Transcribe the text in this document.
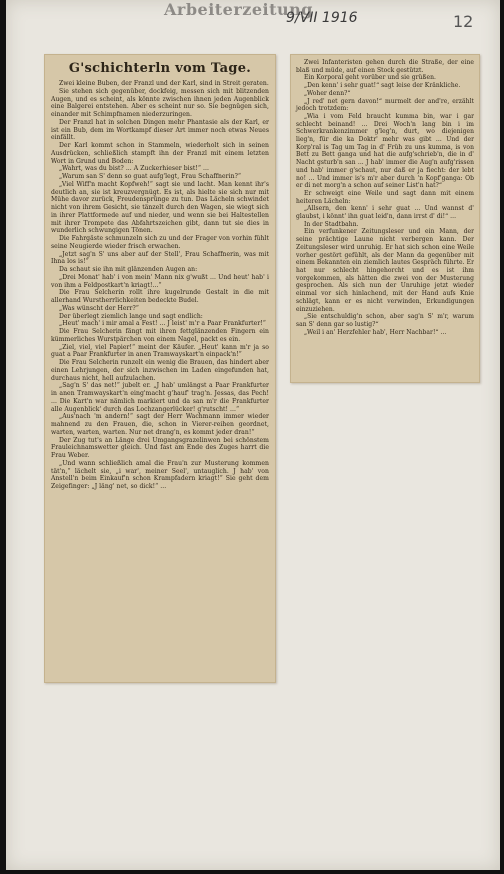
Arbeiterzeitung
9/VII 1916	12
G'schichterln vom Tage.

Zwei kleine Buben, der Franzl und der Karl, sind in Streit geraten.

Sie stehen sich gegenüber, dockfeig, messen sich mit blitzenden Augen, und es scheint, als könnte zwischen ihnen jeden Augenblick eine Balgerei entstehen. Aber es scheint nur so. Sie begnügen sich, einander mit Schimpfnamen niederzuringen.

Der Franzl hat in solchen Dingen mehr Phantasie als der Karl, er ist ein Bub, dem im Wortkampf dieser Art immer noch etwas Neues einfällt.

Der Karl kommt schon in Stammeln, wiederholt sich in seinen Ausdrücken, schließlich stampft ihn der Franzl mit einem letzten Wort in Grund und Boden:

„Wahrt, was du bist? ... A Zuckerhieser bist!“ ...

„Warum san S' denn so guat aufg'legt, Frau Schaffnerin?“

„Viel Wiff'n macht Kopfweh!“ sagt sie und lacht. Man kennt ihr's deutlich an, sie ist kreuzvergnügt. Es ist, als hielte sie sich nur mit Mühe davor zurück, Freudensprünge zu tun. Das Lächeln schwindet nicht von ihrem Gesicht, sie tänzelt durch den Wagen, sie wiegt sich in ihrer Plattformede auf und nieder, und wenn sie bei Haltestellen mit ihrer Trompete das Abfahrtszeichen gibt, dann tut sie dies in wunderlich schwungigen Tönen.

Die Fahrgäste schmunzeln sich zu und der Frager von vorhin fühlt seine Neugierde wieder frisch erwachen.

„Jetzt sag'n S' uns aber auf der Stell', Frau Schaffnerin, was mit Ihna los is!“

Da schaut sie ihn mit glänzenden Augen an:

„Drei Monat' hab' i von mein' Mann nix g'wußt ... Und heut' hab' i von ihm a Feldpostkart'n kriagt!...“

Die Frau Selcherin rollt ihre kugelrunde Gestalt in die mit allerhand Wurstherrlichkeiten bedeckte Budel.

„Was wünscht der Herr?“

Der überlegt ziemlich lange und sagt endlich:

„Heut' mach' i mir amal a Fest! ... J leist' m'r a Paar Frankfurter!“

Die Frau Selcherin fängt mit ihren fettglänzenden Fingern ein kümmerliches Wurstpärchen von einem Nagel, packt es ein.

„Ziel, viel, viel Papier!“ meint der Käufer. „Heut' kann m'r ja so guat a Paar Frankfurter in anen Tramwayskart'n einpack'n!“

Die Frau Selcherin runzelt ein wenig die Brauen, das hindert aber einen Lehrjungen, der sich inzwischen im Laden eingefunden hat, durchaus nicht, hell aufzulachen.

„Sag'n S' das net!“ jubelt er. „J hab' umlängst a Paar Frankfurter in anen Tramwayskart'n eing'macht g'hauf' trag'n. Jessas, das Pech! ... Die Kart'n war nämlich markiert und da san m'r die Frankfurter alle Augenblick' durch das Lochzangerlücker! g'rutscht! ...“

„Aus'nach 'm andern!“ sagt der Herr Wachmann immer wieder mahnend zu den Frauen, die, schon in Vierer-reihen geordnet, warten, warten, warten. Nur net drang'n, es kommt jeder dran!“

Der Zug tut's an Länge drei Umgangsgrazelinwen bei schönstem Frauleichnamswetter gleich. Und fast am Ende des Zuges harrt die Frau Weber.

„Und wann schließlich amal die Frau'n zur Musterung kommen tät'n,“ lächelt sie, „i war', meiner Seel', untauglich. J hab' von Anstell'n beim Einkauf'n schon Krampfadern kriagt!“ Sie geht dem Zeigefinger: „J läng' net, so dick!“ ...

Zwei Infanteristen gehen durch die Straße, der eine blaß und müde, auf einen Stock gestützt.

Ein Korporal geht vorüber und sie grüßen.

„Den kenn' i sehr guat!“ sagt leise der Kränkliche.

„Woher denn?“

„J red' net gern davon!“ murmelt der and're, erzählt jedoch trotzdem:

„Wia i vom Feld braucht kumma bin, war i gar schlecht beinand! ... Drei Woch'n lang bin i im Schwerkrankenzimmer g'leg'n, durt, wo diejenigen lieg'n, für die ka Doktr' mehr was gibt ... Und der Korp'ral is Tag um Tag in d' Früh zu uns kumma, is von Bett zu Bett ganga und hat die aufg'schrieb'n, die in d' Nacht gsturb'n san ... J hab' immer die Aug'n aufg'rissen und hab' immer g'schaut, nur daß er ja fiecht: der lebt no! ... Und immer is's m'r aber durch 'n Kopf'ganga: Ob er di net morg'n a schon auf seiner List'n hat?“

Er schweigt eine Weile und sagt dann mit einem heiteren Lächeln:

„Allsern, den kenn' i sehr guat ... Und wannst d' glaubst, i könnt' ihn guat leid'n, dann irrst d' di!“ ...

In der Stadtbahn.

Ein verfunkener Zeitungsleser und ein Mann, der seine prächtige Laune nicht verbergen kann. Der Zeitungsleser wird unruhig. Er hat sich schon eine Weile vorher gestört gefühlt, als der Mann da gegenüber mit einem Bekannten ein ziemlich lautes Gespräch führte. Er hat nur schlecht hingehorcht und es ist ihm vorgekommen, als hätten die zwei von der Musterung gesprochen. Als sich nun der Unruhige jetzt wieder einmal vor sich hinlachend, mit der Hand aufs Knie schlägt, kann er es nicht verwinden, Erkundigungen einzuziehen.

„Sie entschuldig'n schon, aber sag'n S' m'r, warum san S' denn gar so lustig?“

„Weil i an' Herzfehler hab', Herr Nachbar!“ ...
